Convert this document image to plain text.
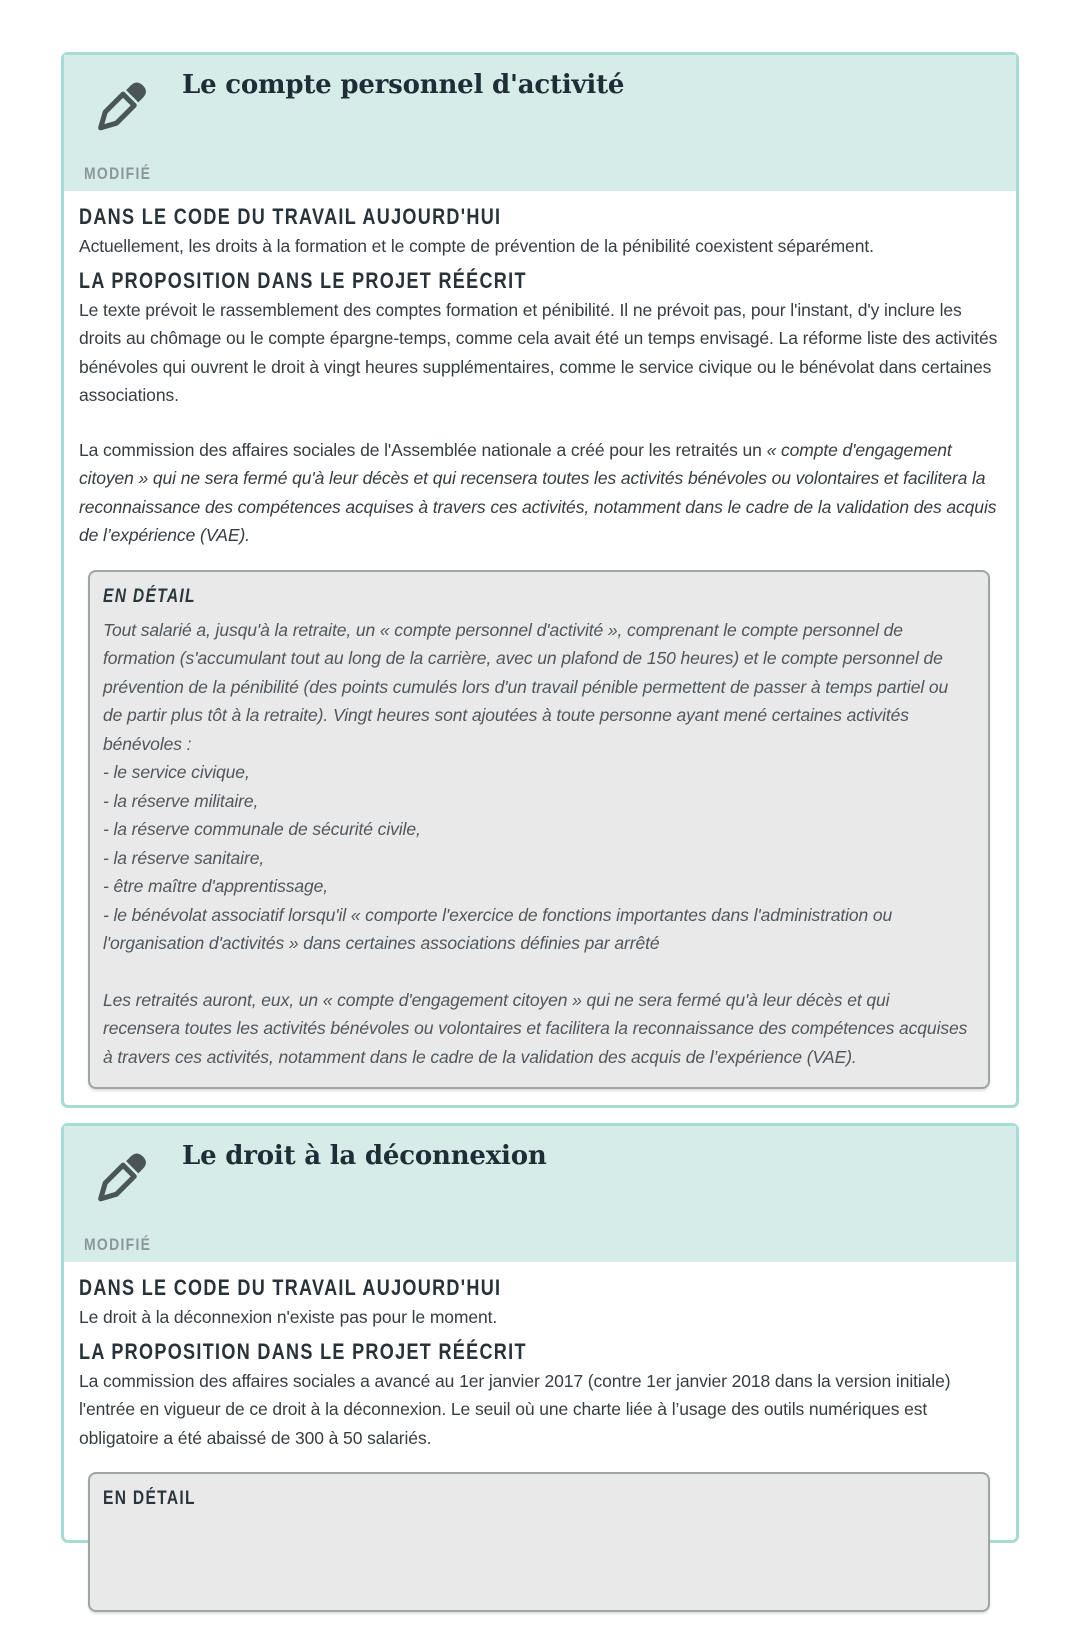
Le compte personnel d'activité
MODIFIÉ
DANS LE CODE DU TRAVAIL AUJOURD'HUI

Actuellement, les droits à la formation et le compte de prévention de la pénibilité coexistent séparément.

LA PROPOSITION DANS LE PROJET RÉÉCRIT

Le texte prévoit le rassemblement des comptes formation et pénibilité. Il ne prévoit pas, pour l'instant, d'y inclure les droits au chômage ou le compte épargne-temps, comme cela avait été un temps envisagé. La réforme liste des activités bénévoles qui ouvrent le droit à vingt heures supplémentaires, comme le service civique ou le bénévolat dans certaines associations.

La commission des affaires sociales de l'Assemblée nationale a créé pour les retraités un « compte d'engagement citoyen » qui ne sera fermé qu'à leur décès et qui recensera toutes les activités bénévoles ou volontaires et facilitera la reconnaissance des compétences acquises à travers ces activités, notamment dans le cadre de la validation des acquis de l’expérience (VAE).

EN DÉTAIL

Tout salarié a, jusqu'à la retraite, un « compte personnel d'activité », comprenant le compte personnel de formation (s'accumulant tout au long de la carrière, avec un plafond de 150 heures) et le compte personnel de prévention de la pénibilité (des points cumulés lors d'un travail pénible permettent de passer à temps partiel ou de partir plus tôt à la retraite). Vingt heures sont ajoutées à toute personne ayant mené certaines activités bénévoles :

- le service civique,
- la réserve militaire,
- la réserve communale de sécurité civile,
- la réserve sanitaire,
- être maître d'apprentissage,
- le bénévolat associatif lorsqu'il « comporte l'exercice de fonctions importantes dans l'administration ou l'organisation d'activités » dans certaines associations définies par arrêté

Les retraités auront, eux, un « compte d'engagement citoyen » qui ne sera fermé qu'à leur décès et qui recensera toutes les activités bénévoles ou volontaires et facilitera la reconnaissance des compétences acquises à travers ces activités, notamment dans le cadre de la validation des acquis de l’expérience (VAE).

Le droit à la déconnexion
MODIFIÉ
DANS LE CODE DU TRAVAIL AUJOURD'HUI

Le droit à la déconnexion n'existe pas pour le moment.

LA PROPOSITION DANS LE PROJET RÉÉCRIT

La commission des affaires sociales a avancé au 1er janvier 2017 (contre 1er janvier 2018 dans la version initiale) l'entrée en vigueur de ce droit à la déconnexion. Le seuil où une charte liée à l’usage des outils numériques est obligatoire a été abaissé de 300 à 50 salariés.

EN DÉTAIL
